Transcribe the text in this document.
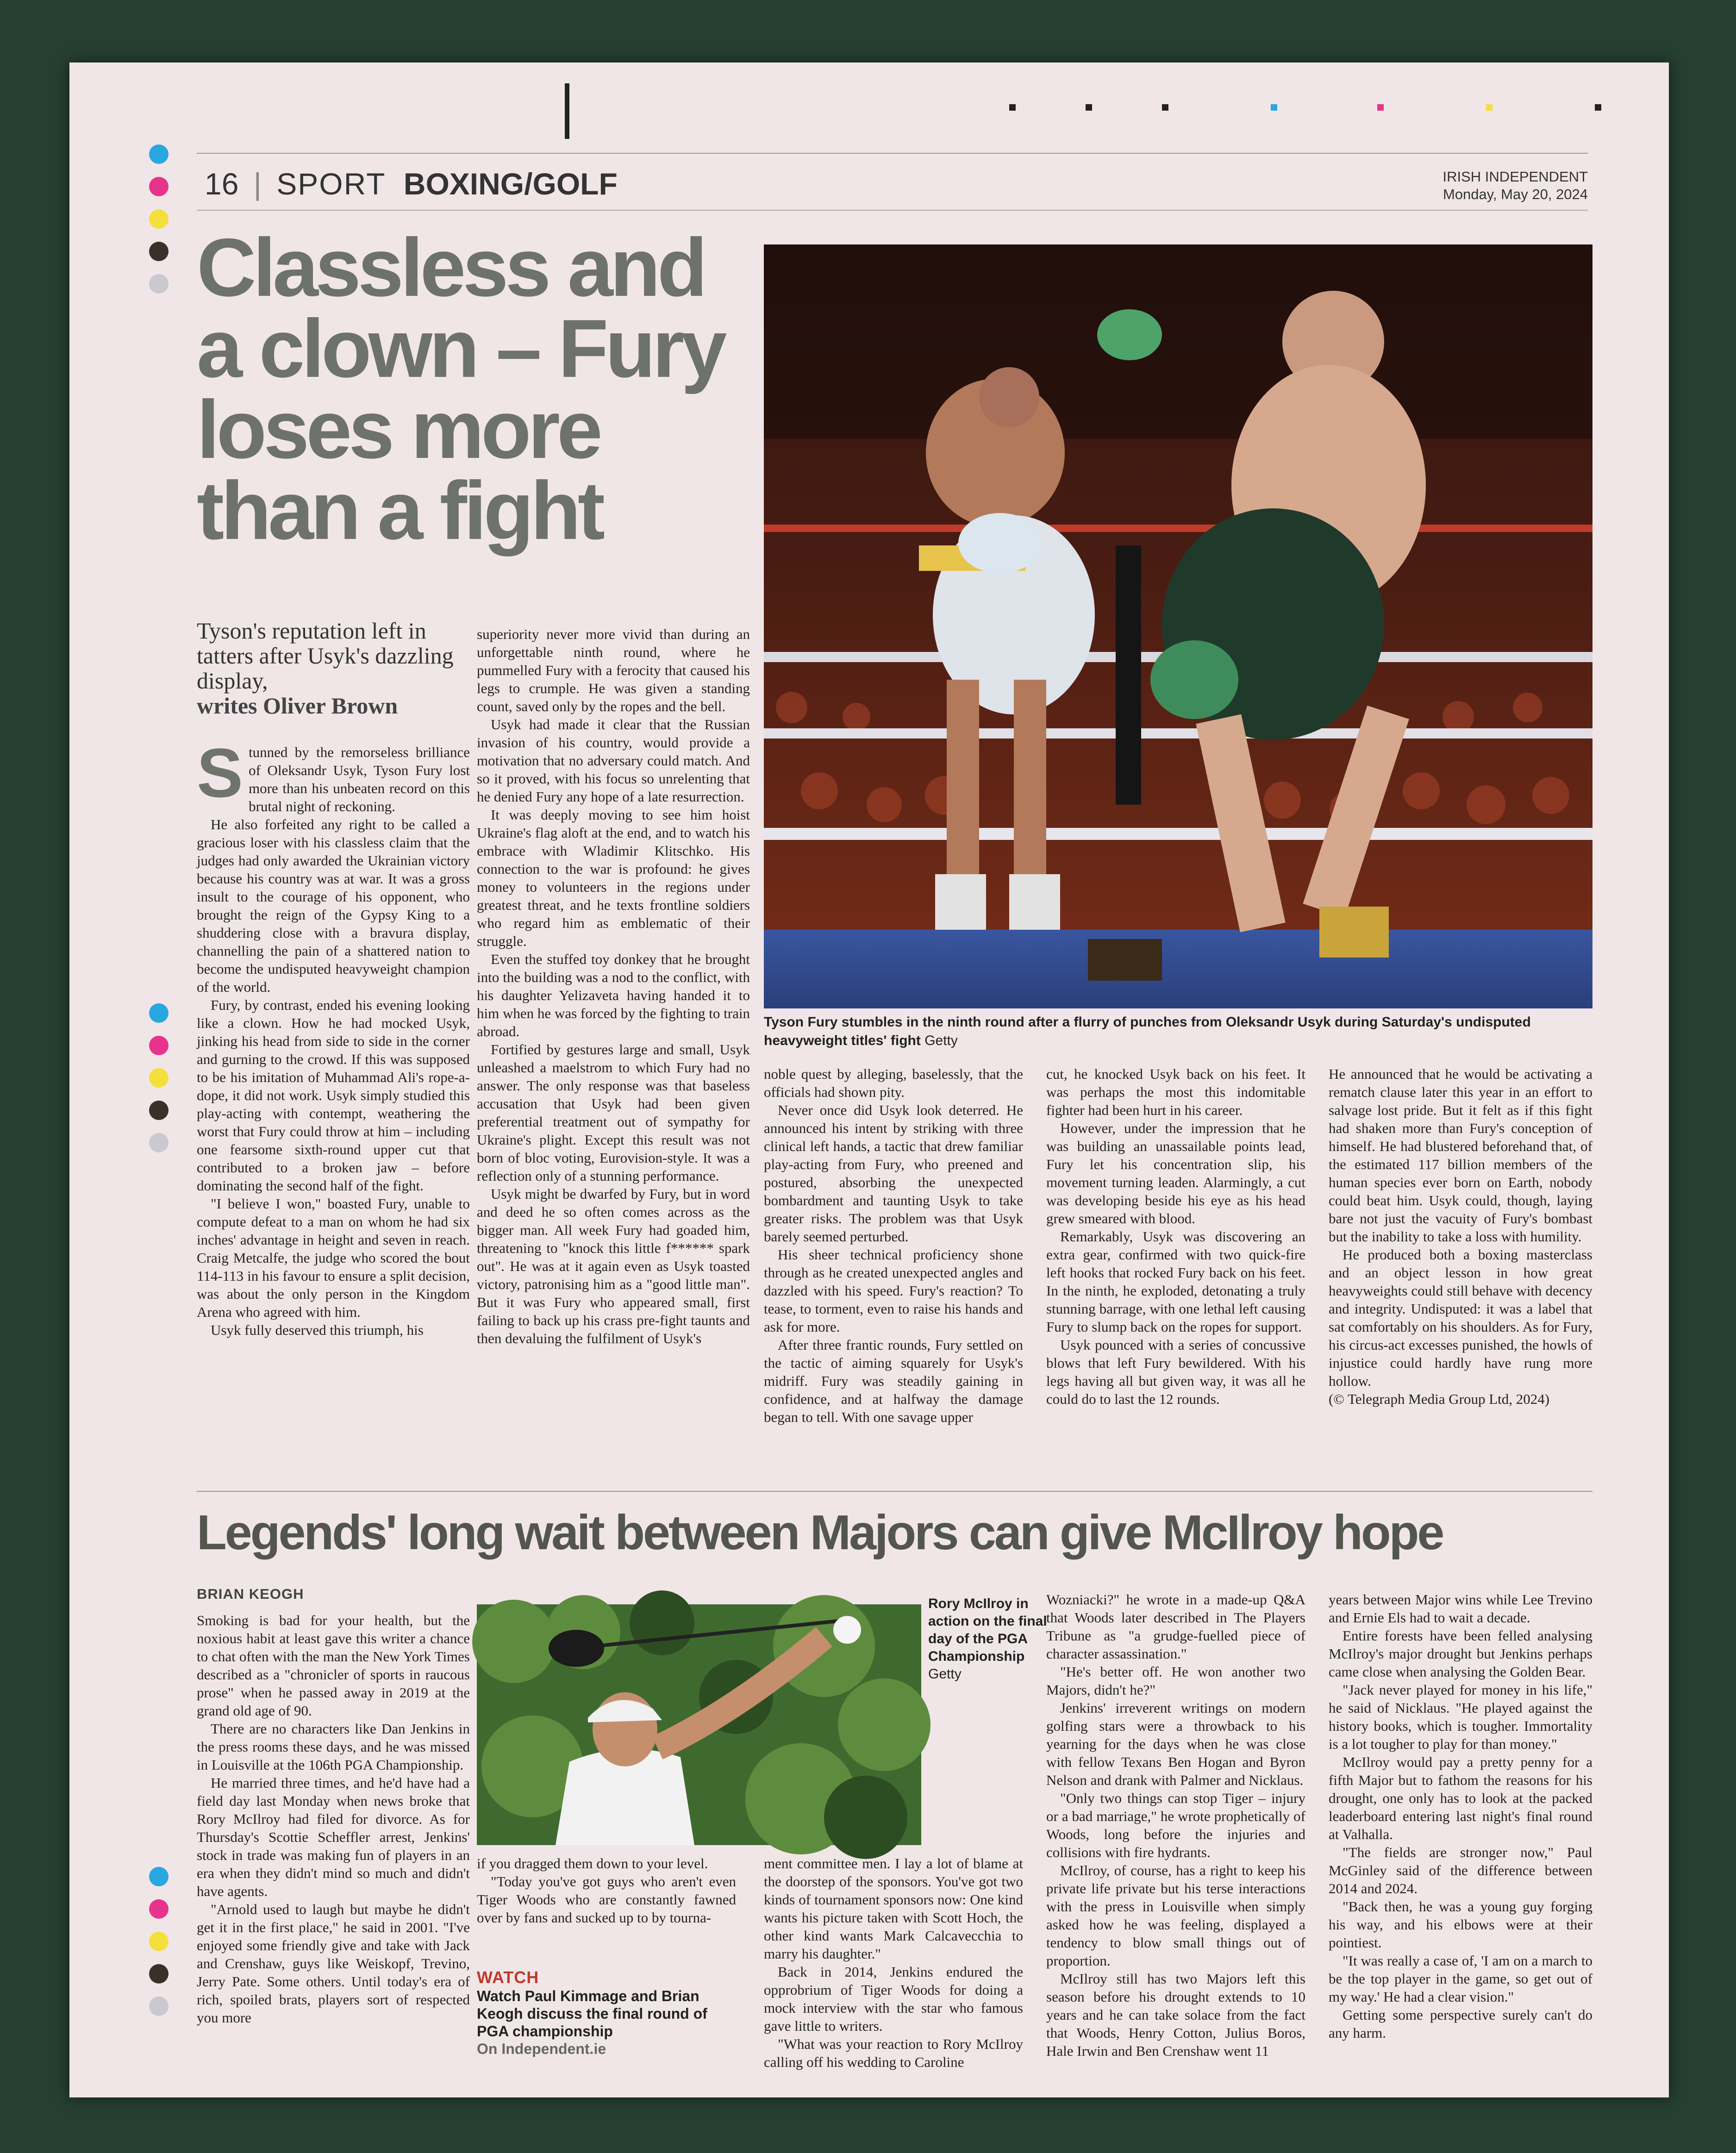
16 | SPORT BOXING/GOLF	IRISH INDEPENDENT
Monday, May 20, 2024
Classless and
a clown – Fury
loses more
than a fight
Tyson Fury stumbles in the ninth round after a flurry of punches from Oleksandr Usyk during Saturday's undisputed heavyweight titles' fight Getty
Tyson's reputation left in tatters after Usyk's dazzling display,
writes Oliver Brown

Stunned by the remorseless brilliance of Oleksandr Usyk, Tyson Fury lost more than his unbeaten record on this brutal night of reckoning.

He also forfeited any right to be called a gracious loser with his classless claim that the judges had only awarded the Ukrainian victory because his country was at war. It was a gross insult to the courage of his opponent, who brought the reign of the Gypsy King to a shuddering close with a bravura display, channelling the pain of a shattered nation to become the undisputed heavyweight champion of the world.

Fury, by contrast, ended his evening looking like a clown. How he had mocked Usyk, jinking his head from side to side in the corner and gurning to the crowd. If this was supposed to be his imitation of Muhammad Ali's rope-a-dope, it did not work. Usyk simply studied this play-acting with contempt, weathering the worst that Fury could throw at him – including one fearsome sixth-round upper cut that contributed to a broken jaw – before dominating the second half of the fight.

"I believe I won," boasted Fury, unable to compute defeat to a man on whom he had six inches' advantage in height and seven in reach. Craig Metcalfe, the judge who scored the bout 114-113 in his favour to ensure a split decision, was about the only person in the Kingdom Arena who agreed with him.

Usyk fully deserved this triumph, his

superiority never more vivid than during an unforgettable ninth round, where he pummelled Fury with a ferocity that caused his legs to crumple. He was given a standing count, saved only by the ropes and the bell.

Usyk had made it clear that the Russian invasion of his country, would provide a motivation that no adversary could match. And so it proved, with his focus so unrelenting that he denied Fury any hope of a late resurrection.

It was deeply moving to see him hoist Ukraine's flag aloft at the end, and to watch his embrace with Wladimir Klitschko. His connection to the war is profound: he gives money to volunteers in the regions under greatest threat, and he texts frontline soldiers who regard him as emblematic of their struggle.

Even the stuffed toy donkey that he brought into the building was a nod to the conflict, with his daughter Yelizaveta having handed it to him when he was forced by the fighting to train abroad.

Fortified by gestures large and small, Usyk unleashed a maelstrom to which Fury had no answer. The only response was that baseless accusation that Usyk had been given preferential treatment out of sympathy for Ukraine's plight. Except this result was not born of bloc voting, Eurovision-style. It was a reflection only of a stunning performance.

Usyk might be dwarfed by Fury, but in word and deed he so often comes across as the bigger man. All week Fury had goaded him, threatening to "knock this little f****** spark out". He was at it again even as Usyk toasted victory, patronising him as a "good little man". But it was Fury who appeared small, first failing to back up his crass pre-fight taunts and then devaluing the fulfilment of Usyk's

noble quest by alleging, baselessly, that the officials had shown pity.

Never once did Usyk look deterred. He announced his intent by striking with three clinical left hands, a tactic that drew familiar play-acting from Fury, who preened and postured, absorbing the unexpected bombardment and taunting Usyk to take greater risks. The problem was that Usyk barely seemed perturbed.

His sheer technical proficiency shone through as he created unexpected angles and dazzled with his speed. Fury's reaction? To tease, to torment, even to raise his hands and ask for more.

After three frantic rounds, Fury settled on the tactic of aiming squarely for Usyk's midriff. Fury was steadily gaining in confidence, and at halfway the damage began to tell. With one savage upper

cut, he knocked Usyk back on his feet. It was perhaps the most this indomitable fighter had been hurt in his career.

However, under the impression that he was building an unassailable points lead, Fury let his concentration slip, his movement turning leaden. Alarmingly, a cut was developing beside his eye as his head grew smeared with blood.

Remarkably, Usyk was discovering an extra gear, confirmed with two quick-fire left hooks that rocked Fury back on his feet. In the ninth, he exploded, detonating a truly stunning barrage, with one lethal left causing Fury to slump back on the ropes for support.

Usyk pounced with a series of concussive blows that left Fury bewildered. With his legs having all but given way, it was all he could do to last the 12 rounds.

He announced that he would be activating a rematch clause later this year in an effort to salvage lost pride. But it felt as if this fight had shaken more than Fury's conception of himself. He had blustered beforehand that, of the estimated 117 billion members of the human species ever born on Earth, nobody could beat him. Usyk could, though, laying bare not just the vacuity of Fury's bombast but the inability to take a loss with humility.

He produced both a boxing masterclass and an object lesson in how great heavyweights could still behave with decency and integrity. Undisputed: it was a label that sat comfortably on his shoulders. As for Fury, his circus-act excesses punished, the howls of injustice could hardly have rung more hollow.

(© Telegraph Media Group Ltd, 2024)

Legends' long wait between Majors can give McIlroy hope
BRIAN KEOGH
Rory McIlroy in action on the final day of the PGA Championship
Getty

Smoking is bad for your health, but the noxious habit at least gave this writer a chance to chat often with the man the New York Times described as a "chronicler of sports in raucous prose" when he passed away in 2019 at the grand old age of 90.

There are no characters like Dan Jenkins in the press rooms these days, and he was missed in Louisville at the 106th PGA Championship.

He married three times, and he'd have had a field day last Monday when news broke that Rory McIlroy had filed for divorce. As for Thursday's Scottie Scheffler arrest, Jenkins' stock in trade was making fun of players in an era when they didn't mind so much and didn't have agents.

"Arnold used to laugh but maybe he didn't get it in the first place," he said in 2001. "I've enjoyed some friendly give and take with Jack and Crenshaw, guys like Weiskopf, Trevino, Jerry Pate. Some others. Until today's era of rich, spoiled brats, players sort of respected you more

if you dragged them down to your level.

"Today you've got guys who aren't even Tiger Woods who are constantly fawned over by fans and sucked up to by tourna-

WATCH
Watch Paul Kimmage and Brian Keogh discuss the final round of PGA championship
On Independent.ie

ment committee men. I lay a lot of blame at the doorstep of the sponsors. You've got two kinds of tournament sponsors now: One kind wants his picture taken with Scott Hoch, the other kind wants Mark Calcavecchia to marry his daughter."

Back in 2014, Jenkins endured the opprobrium of Tiger Woods for doing a mock interview with the star who famous gave little to writers.

"What was your reaction to Rory McIlroy calling off his wedding to Caroline

Wozniacki?" he wrote in a made-up Q&A that Woods later described in The Players Tribune as "a grudge-fuelled piece of character assassination."

"He's better off. He won another two Majors, didn't he?"

Jenkins' irreverent writings on modern golfing stars were a throwback to his yearning for the days when he was close with fellow Texans Ben Hogan and Byron Nelson and drank with Palmer and Nicklaus.

"Only two things can stop Tiger – injury or a bad marriage," he wrote prophetically of Woods, long before the injuries and collisions with fire hydrants.

McIlroy, of course, has a right to keep his private life private but his terse interactions with the press in Louisville when simply asked how he was feeling, displayed a tendency to blow small things out of proportion.

McIlroy still has two Majors left this season before his drought extends to 10 years and he can take solace from the fact that Woods, Henry Cotton, Julius Boros, Hale Irwin and Ben Crenshaw went 11

years between Major wins while Lee Trevino and Ernie Els had to wait a decade.

Entire forests have been felled analysing McIlroy's major drought but Jenkins perhaps came close when analysing the Golden Bear.

"Jack never played for money in his life," he said of Nicklaus. "He played against the history books, which is tougher. Immortality is a lot tougher to play for than money."

McIlroy would pay a pretty penny for a fifth Major but to fathom the reasons for his drought, one only has to look at the packed leaderboard entering last night's final round at Valhalla.

"The fields are stronger now," Paul McGinley said of the difference between 2014 and 2024.

"Back then, he was a young guy forging his way, and his elbows were at their pointiest.

"It was really a case of, 'I am on a march to be the top player in the game, so get out of my way.' He had a clear vision."

Getting some perspective surely can't do any harm.
